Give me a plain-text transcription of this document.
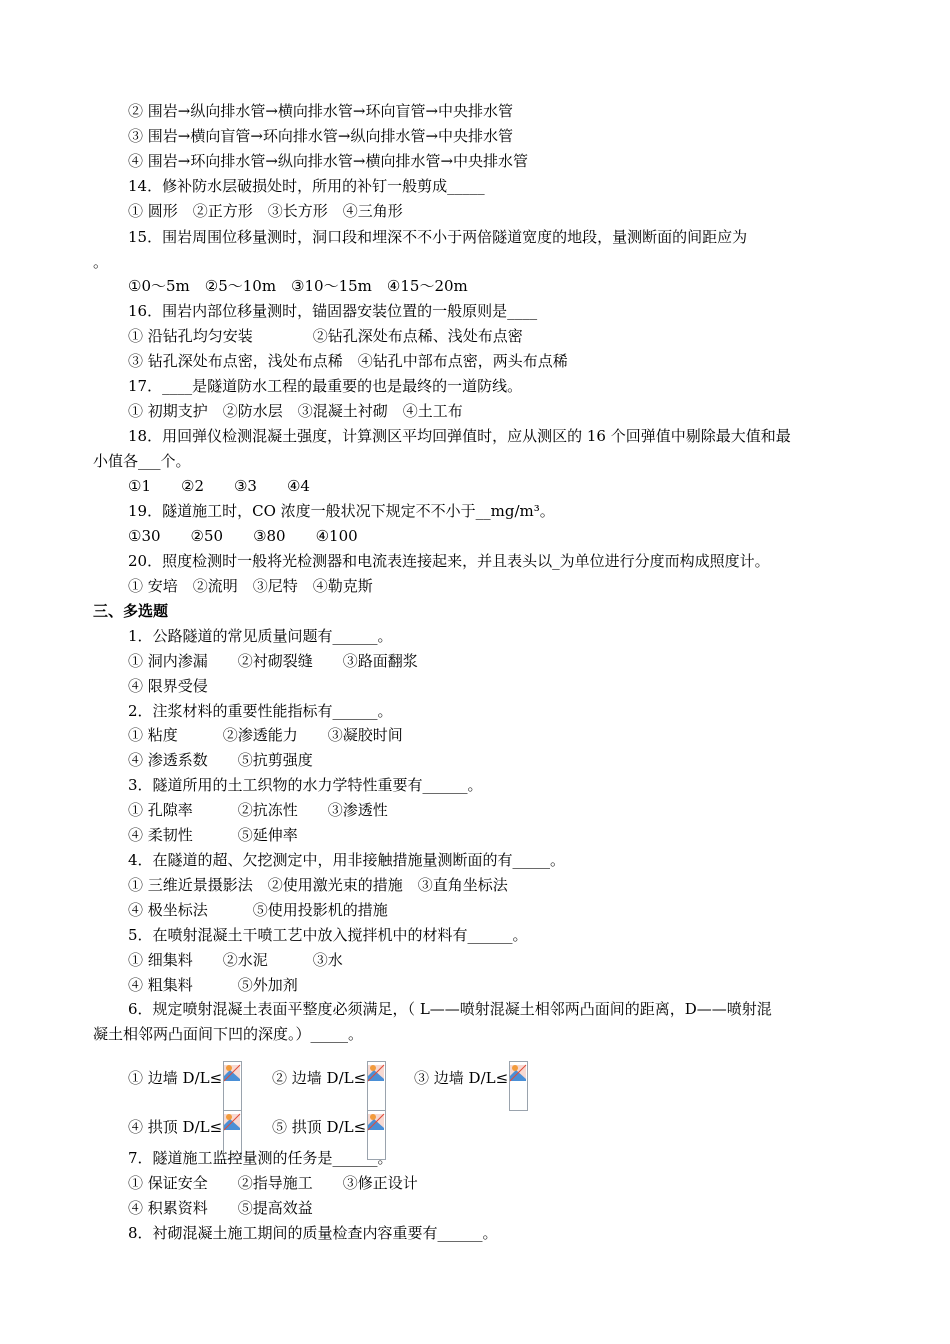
② 围岩→纵向排水管→横向排水管→环向盲管→中央排水管
③ 围岩→横向盲管→环向排水管→纵向排水管→中央排水管
④ 围岩→环向排水管→纵向排水管→横向排水管→中央排水管
14．修补防水层破损处时，所用的补钉一般剪成_____
① 圆形　②正方形　③长方形　④三角形
15．围岩周围位移量测时，洞口段和埋深不不小于两倍隧道宽度的地段，量测断面的间距应为
。
①0～5m　②5～10m　③10～15m　④15～20m
16．围岩内部位移量测时，锚固器安装位置的一般原则是____
① 沿钻孔均匀安装　　　　②钻孔深处布点稀、浅处布点密
③ 钻孔深处布点密，浅处布点稀　④钻孔中部布点密，两头布点稀
17．____是隧道防水工程的最重要的也是最终的一道防线。
① 初期支护　②防水层　③混凝土衬砌　④土工布
18．用回弹仪检测混凝土强度，计算测区平均回弹值时，应从测区的 16 个回弹值中剔除最大值和最
小值各___个。
①1　　②2　　③3　　④4
19．隧道施工时，CO 浓度一般状况下规定不不小于__mg/m³。
①30　　②50　　③80　　④100
20．照度检测时一般将光检测器和电流表连接起来，并且表头以_为单位进行分度而构成照度计。
① 安培　②流明　③尼特　④勒克斯
三、多选题
1．公路隧道的常见质量问题有______。
① 洞内渗漏　　②衬砌裂缝　　③路面翻浆
④ 限界受侵
2．注浆材料的重要性能指标有______。
① 粘度　　　②渗透能力　　③凝胶时间
④ 渗透系数　　⑤抗剪强度
3．隧道所用的土工织物的水力学特性重要有______。
① 孔隙率　　　②抗冻性　　③渗透性
④ 柔韧性　　　⑤延伸率
4．在隧道的超、欠挖测定中，用非接触措施量测断面的有_____。
① 三维近景摄影法　②使用激光束的措施　③直角坐标法
④ 极坐标法　　　⑤使用投影机的措施
5．在喷射混凝土干喷工艺中放入搅拌机中的材料有______。
① 细集料　　②水泥　　　③水
④ 粗集料　　　⑤外加剂
6．规定喷射混凝土表面平整度必须满足，（ L——喷射混凝土相邻两凸面间的距离，D——喷射混
凝土相邻两凸面间下凹的深度。）_____。
① 边墙 D/L≤	② 边墙 D/L≤	③ 边墙 D/L≤
④ 拱顶 D/L≤	⑤ 拱顶 D/L≤
7．隧道施工监控量测的任务是______。
① 保证安全　　②指导施工　　③修正设计
④ 积累资料　　⑤提高效益
8．衬砌混凝土施工期间的质量检查内容重要有______。
